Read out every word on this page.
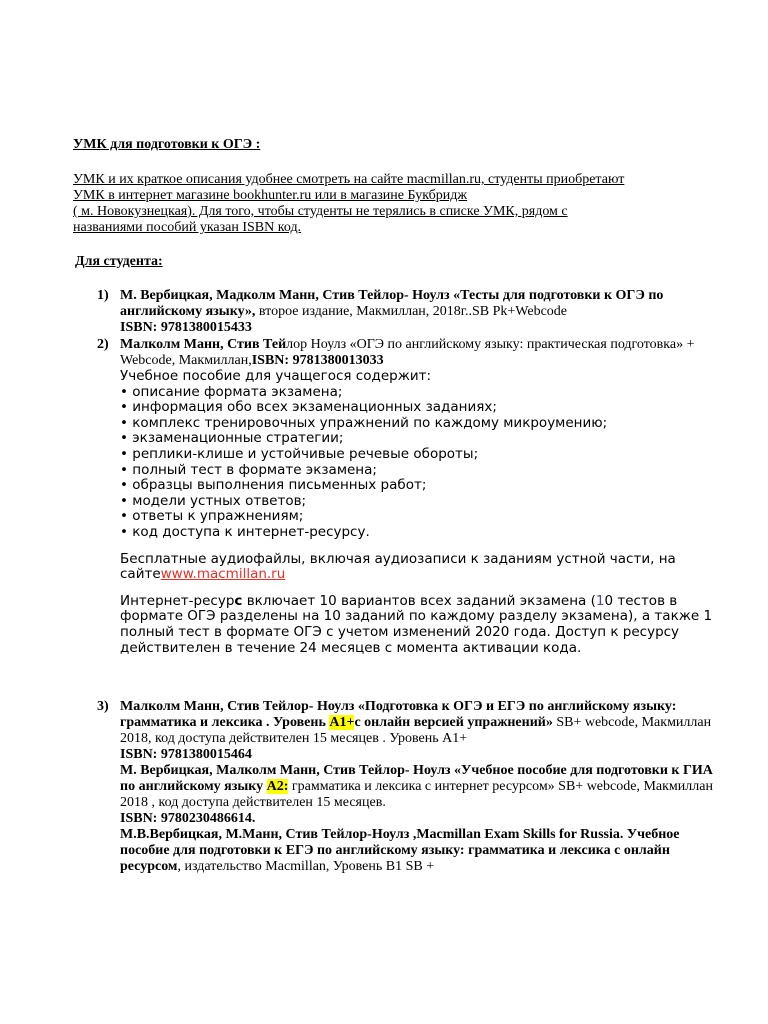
УМК для подготовки к ОГЭ :

УМК и их краткое описания удобнее смотреть на сайте macmillan.ru, студенты приобретают
УМК в интернет магазине bookhunter.ru или в магазине Букбридж
( м. Новокузнецкая). Для того, чтобы студенты не терялись в списке УМК, рядом с
названиями пособий указан ISBN код.
Для студента:
1) М. Вербицкая, Мадколм Манн, Стив Тейлор- Ноулз «Тесты для подготовки к ОГЭ по английскому языку», второе издание, Макмиллан, 2018г..SB Pk+Webcode
ISBN: 9781380015433
2) Малколм Манн, Стив Тейлор Ноулз «ОГЭ по английскому языку: практическая подготовка» + Webcode, Макмиллан,ISBN: 9781380013033
Учебное пособие для учащегося содержит:
• описание формата экзамена;
• информация обо всех экзаменационных заданиях;
• комплекс тренировочных упражнений по каждому микроумению;
• экзаменационные стратегии;
• реплики-клише и устойчивые речевые обороты;
• полный тест в формате экзамена;
• образцы выполнения письменных работ;
• модели устных ответов;
• ответы к упражнениям;
• код доступа к интернет-ресурсу.
Бесплатные аудиофайлы, включая аудиозаписи к заданиям устной части, на сайтеwww.macmillan.ru
Интернет-ресурс включает 10 вариантов всех заданий экзамена (10 тестов в формате ОГЭ разделены на 10 заданий по каждому разделу экзамена), а также 1 полный тест в формате ОГЭ с учетом изменений 2020 года. Доступ к ресурсу действителен в течение 24 месяцев с момента активации кода.
3) Малколм Манн, Стив Тейлор- Ноулз «Подготовка к ОГЭ и ЕГЭ по английскому языку: грамматика и лексика . Уровень А1+с онлайн версией упражнений» SB+ webcode, Макмиллан 2018, код доступа действителен 15 месяцев . Уровень А1+
ISBN: 9781380015464
М. Вербицкая, Малколм Манн, Стив Тейлор- Ноулз «Учебное пособие для подготовки к ГИА по английскому языку А2: грамматика и лексика с интернет ресурсом» SB+ webcode, Макмиллан 2018 , код доступа действителен 15 месяцев.
ISBN: 9780230486614.
М.В.Вербицкая, М.Манн, Стив Тейлор-Ноулз ,Macmillan Exam Skills for Russia. Учебное пособие для подготовки к ЕГЭ по английскому языку: грамматика и лексика с онлайн ресурсом, издательство Macmillan, Уровень B1 SB +
